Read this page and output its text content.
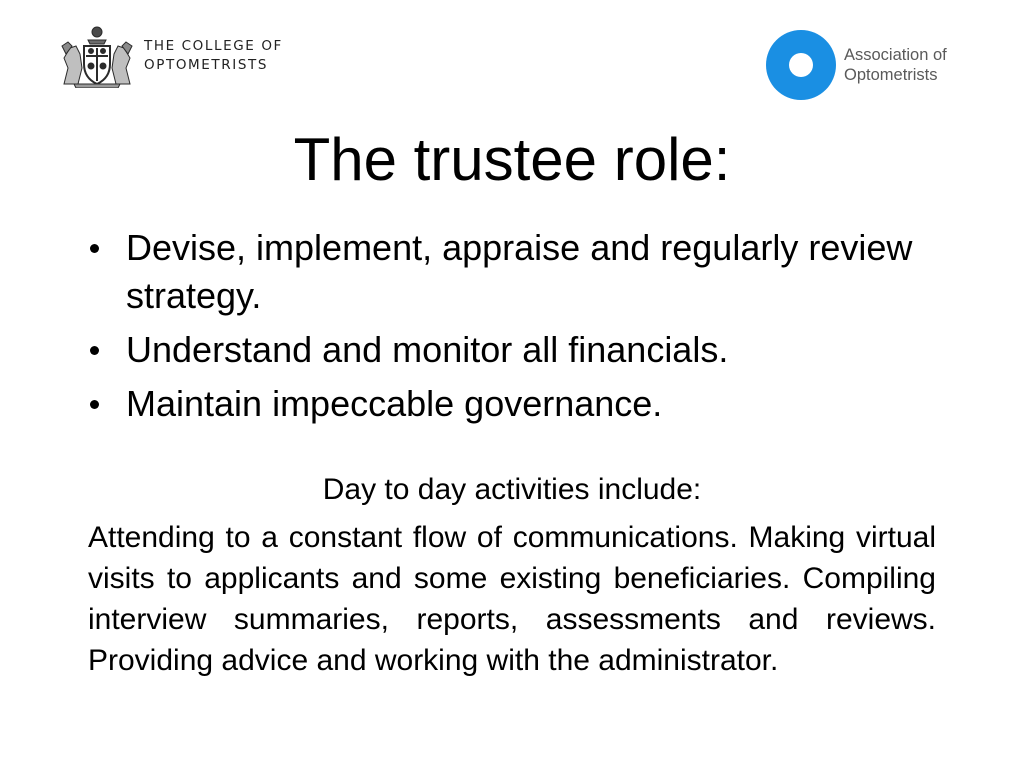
THE COLLEGE OF
OPTOMETRISTS
Association of
Optometrists
The trustee role:
Devise, implement, appraise and regularly review strategy.
Understand and monitor all financials.
Maintain impeccable governance.
Day to day activities include:

Attending to a constant flow of communications. Making virtual visits to applicants and some existing beneficiaries. Compiling interview summaries, reports, assessments and reviews. Providing advice and working with the administrator.
